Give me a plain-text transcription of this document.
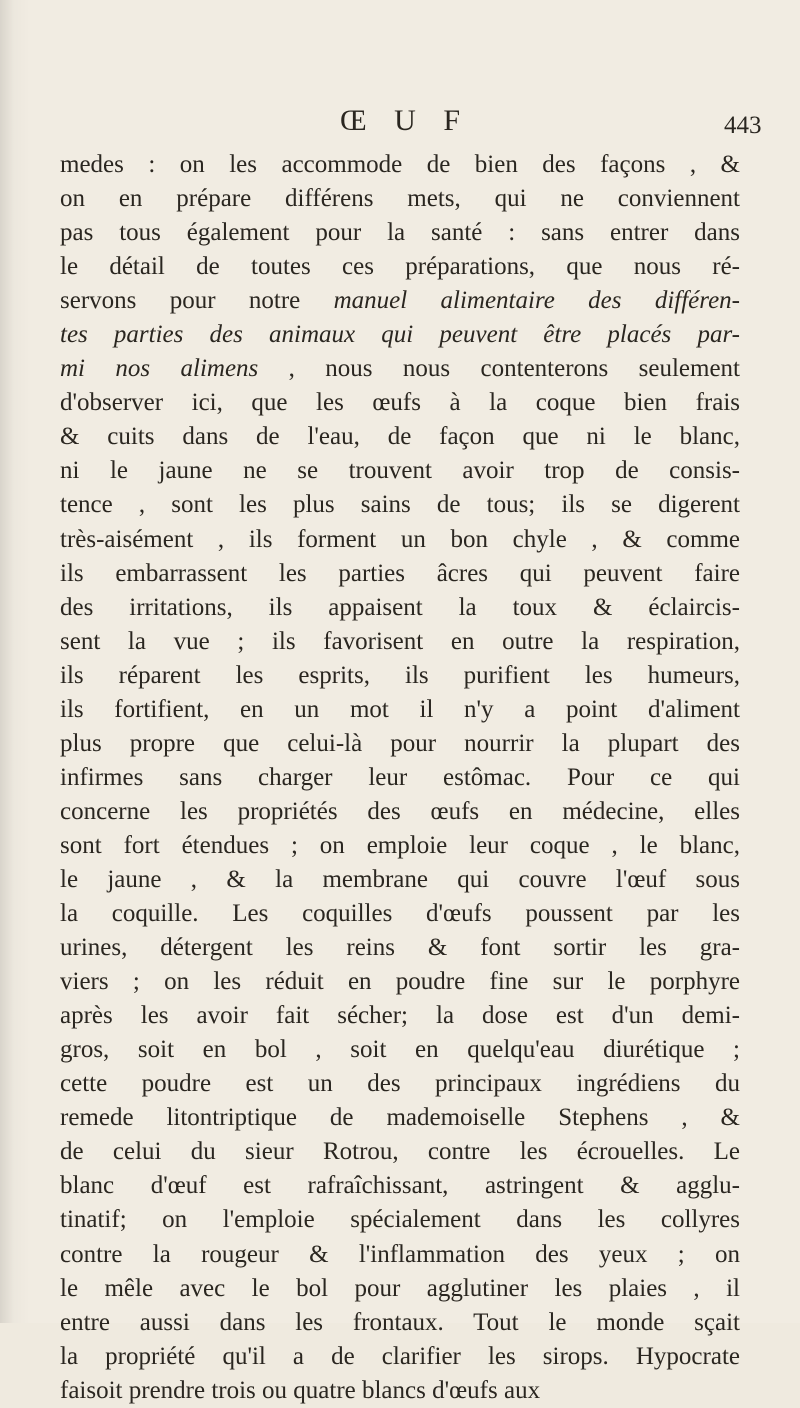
Œ U F	443
medes : on les accommode de bien des façons , &
on en prépare différens mets, qui ne conviennent
pas tous également pour la santé : sans entrer dans
le détail de toutes ces préparations, que nous ré-
servons pour notre manuel alimentaire des différen-
tes parties des animaux qui peuvent être placés par-
mi nos alimens , nous nous contenterons seulement
d'observer ici, que les œufs à la coque bien frais
& cuits dans de l'eau, de façon que ni le blanc,
ni le jaune ne se trouvent avoir trop de consis-
tence , sont les plus sains de tous; ils se digerent
très-aisément , ils forment un bon chyle , & comme
ils embarrassent les parties âcres qui peuvent faire
des irritations, ils appaisent la toux & éclaircis-
sent la vue ; ils favorisent en outre la respiration,
ils réparent les esprits, ils purifient les humeurs,
ils fortifient, en un mot il n'y a point d'aliment
plus propre que celui-là pour nourrir la plupart des
infirmes sans charger leur estômac. Pour ce qui
concerne les propriétés des œufs en médecine, elles
sont fort étendues ; on emploie leur coque , le blanc,
le jaune , & la membrane qui couvre l'œuf sous
la coquille. Les coquilles d'œufs poussent par les
urines, détergent les reins & font sortir les gra-
viers ; on les réduit en poudre fine sur le porphyre
après les avoir fait sécher; la dose est d'un demi-
gros, soit en bol , soit en quelqu'eau diurétique ;
cette poudre est un des principaux ingrédiens du
remede litontriptique de mademoiselle Stephens , &
de celui du sieur Rotrou, contre les écrouelles. Le
blanc d'œuf est rafraîchissant, astringent & agglu-
tinatif; on l'emploie spécialement dans les collyres
contre la rougeur & l'inflammation des yeux ; on
le mêle avec le bol pour agglutiner les plaies , il
entre aussi dans les frontaux. Tout le monde sçait
la propriété qu'il a de clarifier les sirops. Hypocrate
faisoit prendre trois ou quatre blancs d'œufs aux
